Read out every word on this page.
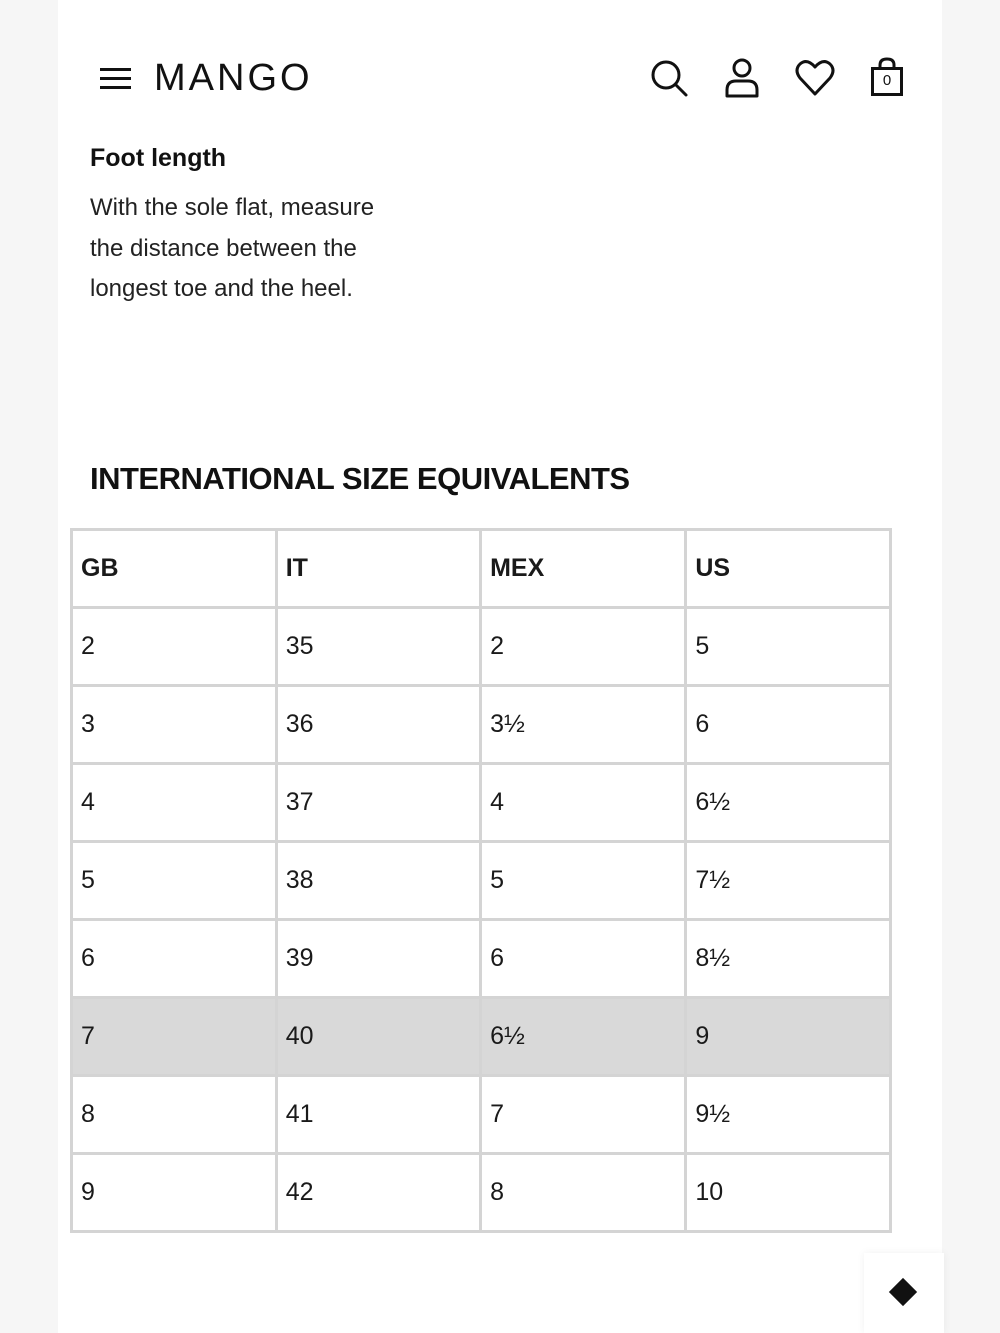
MANGO	0
Foot length
With the sole flat, measure the distance between the longest toe and the heel.
INTERNATIONAL SIZE EQUIVALENTS
GB	IT	MEX	US
2	35	2	5
3	36	3½	6
4	37	4	6½
5	38	5	7½
6	39	6	8½
7	40	6½	9
8	41	7	9½
9	42	8	10
